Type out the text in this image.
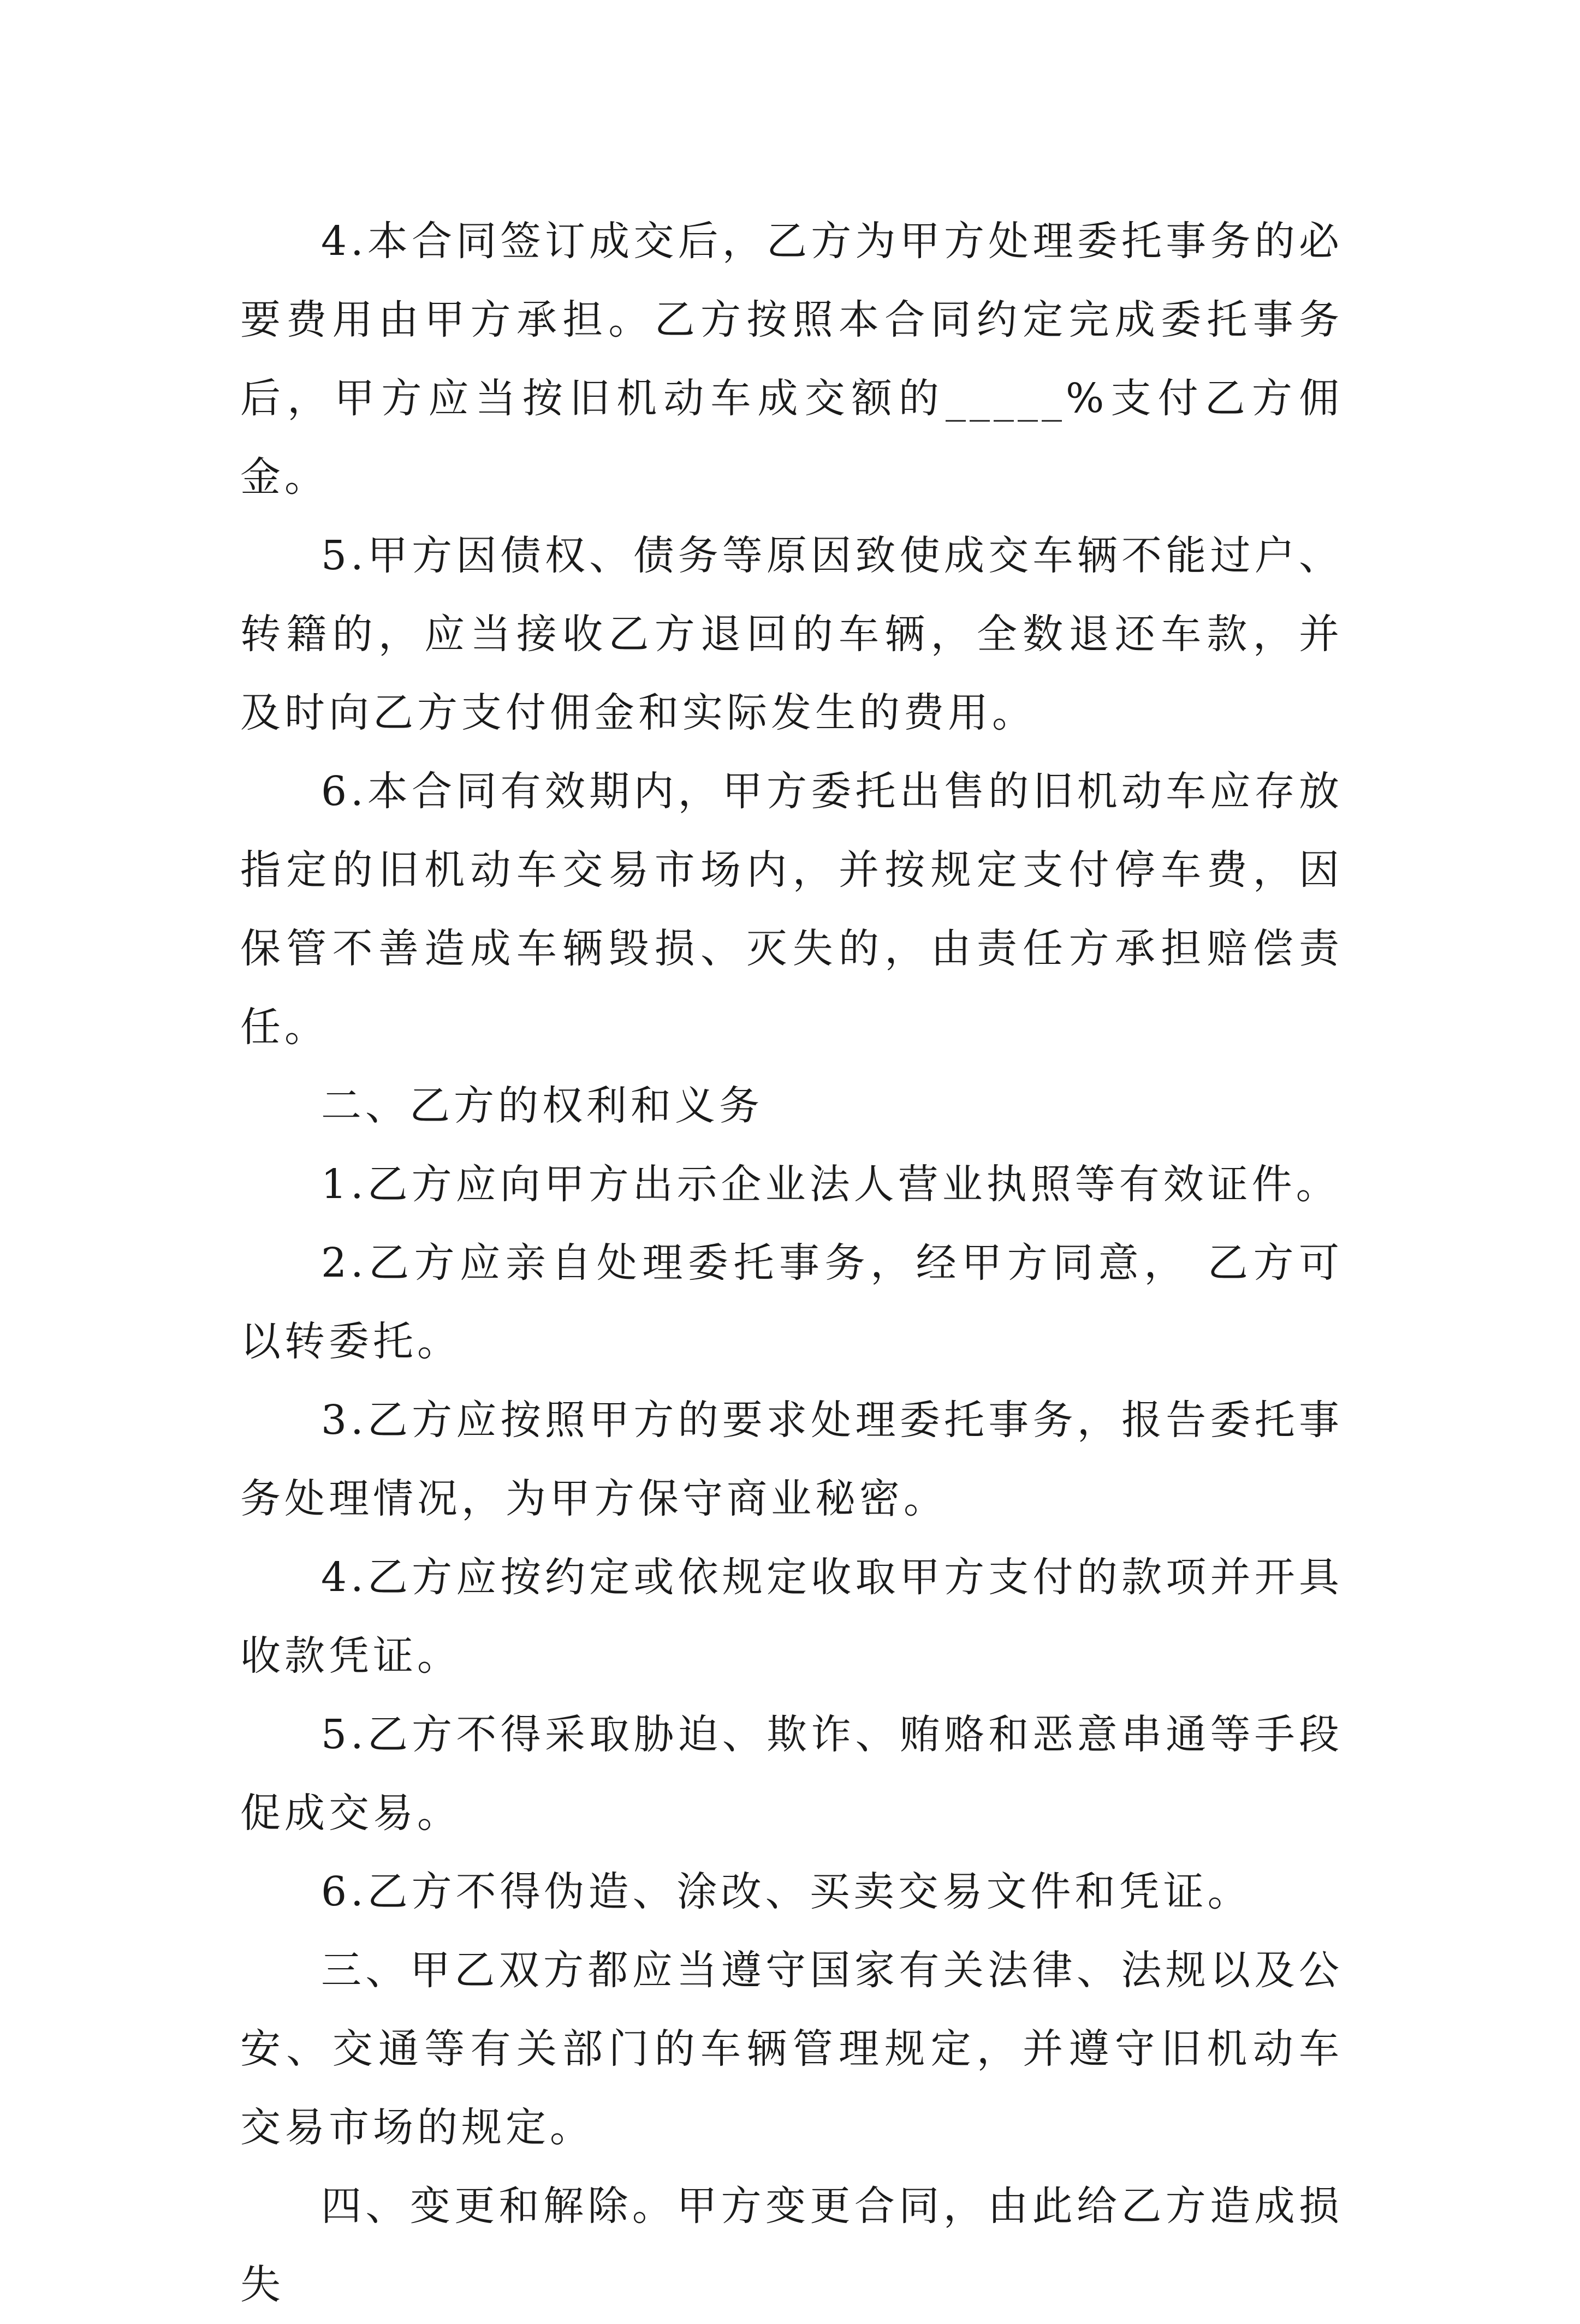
4.本合同签订成交后，乙方为甲方处理委托事务的必要费用由甲方承担。乙方按照本合同约定完成委托事务后，甲方应当按旧机动车成交额的_____%支付乙方佣金。

5.甲方因债权、债务等原因致使成交车辆不能过户、转籍的，应当接收乙方退回的车辆，全数退还车款，并及时向乙方支付佣金和实际发生的费用。

6.本合同有效期内，甲方委托出售的旧机动车应存放指定的旧机动车交易市场内，并按规定支付停车费，因保管不善造成车辆毁损、灭失的，由责任方承担赔偿责任。

二、乙方的权利和义务

1.乙方应向甲方出示企业法人营业执照等有效证件。

2.乙方应亲自处理委托事务，经甲方同意， 乙方可以转委托。

3.乙方应按照甲方的要求处理委托事务，报告委托事务处理情况，为甲方保守商业秘密。

4.乙方应按约定或依规定收取甲方支付的款项并开具收款凭证。

5.乙方不得采取胁迫、欺诈、贿赂和恶意串通等手段促成交易。

6.乙方不得伪造、涂改、买卖交易文件和凭证。

三、甲乙双方都应当遵守国家有关法律、法规以及公安、交通等有关部门的车辆管理规定，并遵守旧机动车交易市场的规定。

四、变更和解除。甲方变更合同，由此给乙方造成损失
